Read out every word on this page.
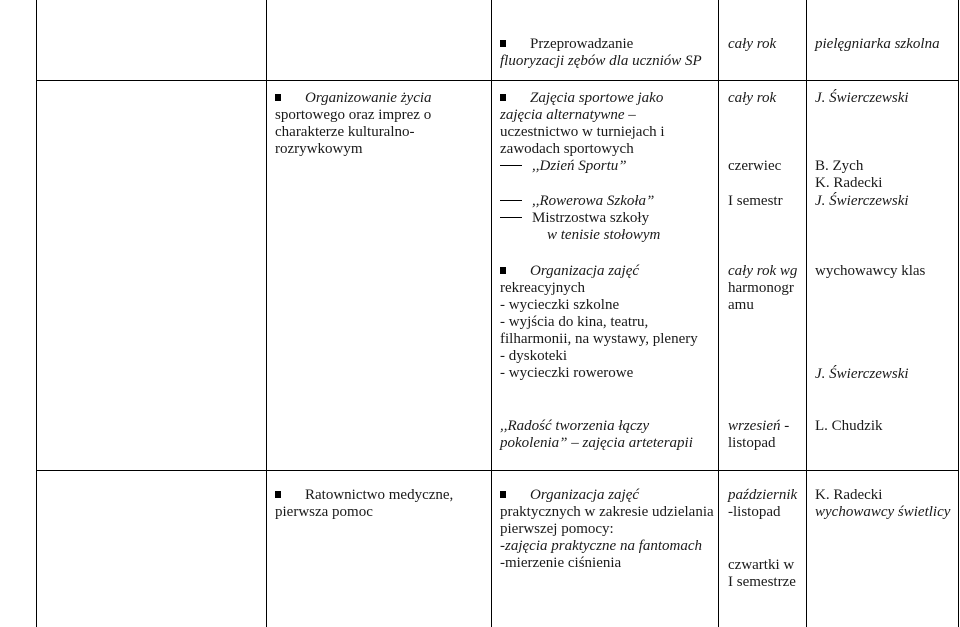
Przeprowadzanie
fluoryzacji zębów dla uczniów SP
cały rok	pielęgniarka szkolna
Organizowanie życia
sportowego oraz imprez o
charakterze kulturalno-
rozrywkowym
Zajęcia sportowe jako
zajęcia alternatywne –
uczestnictwo w turniejach i
zawodach sportowych
,,Dzień Sportu”
,,Rowerowa Szkoła”
Mistrzostwa szkoły
w tenisie stołowym
cały rok
czerwiec
I semestr
J. Świerczewski
B. Zych
K. Radecki
J. Świerczewski
Organizacja zajęć
rekreacyjnych
- wycieczki szkolne
- wyjścia do kina, teatru,
filharmonii, na wystawy, plenery
- dyskoteki
- wycieczki rowerowe
cały rok wg
harmonogr
amu
wychowawcy klas
J. Świerczewski
,,Radość tworzenia łączy
pokolenia” – zajęcia arteterapii
wrzesień -
listopad
L. Chudzik
Ratownictwo medyczne,
pierwsza pomoc
Organizacja zajęć
praktycznych w zakresie udzielania
pierwszej pomocy:
-zajęcia praktyczne na fantomach
-mierzenie ciśnienia
październik
-listopad
czwartki w
I semestrze
K. Radecki
wychowawcy świetlicy
